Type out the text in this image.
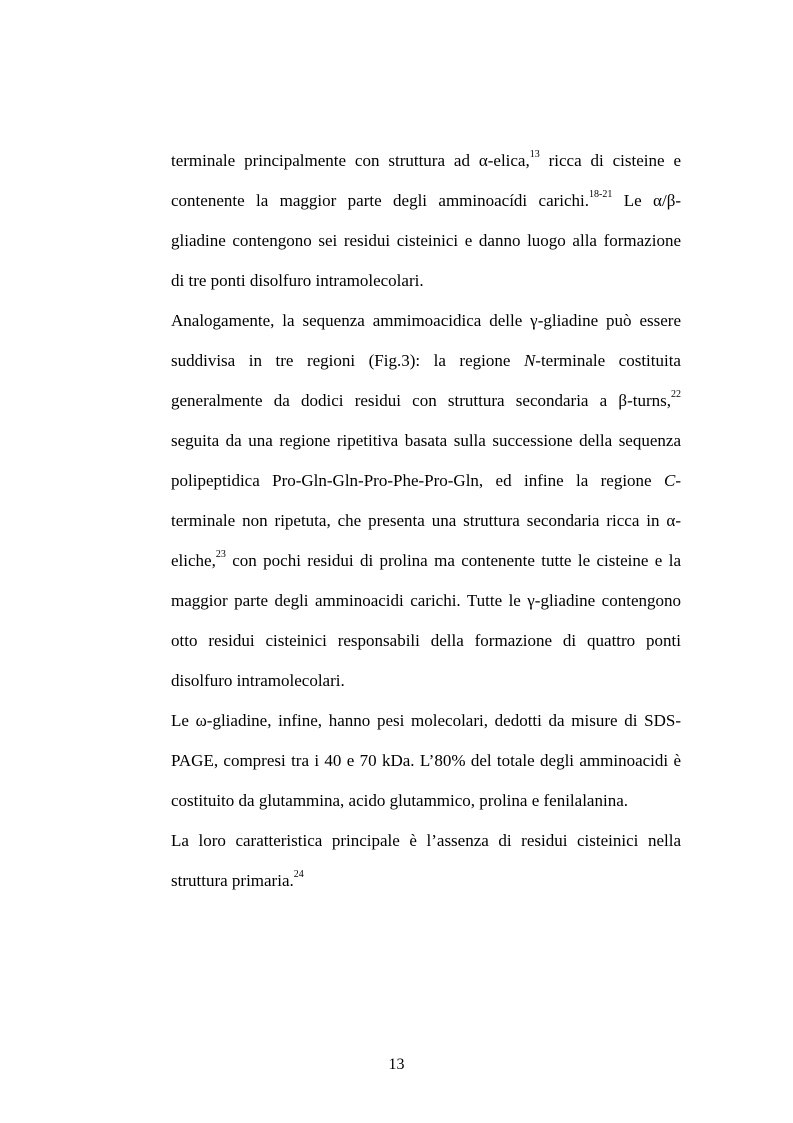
terminale principalmente con struttura ad α-elica,$^{13}$ ricca di cisteine e
contenente la maggior parte degli amminoacídi carichi.$^{18-21}$ Le α/β-
gliadine contengono sei residui cisteinici e danno luogo alla formazione
di tre ponti disolfuro intramolecolari.
Analogamente, la sequenza ammimoacidica delle γ-gliadine può essere
suddivisa in tre regioni (Fig.3): la regione N-terminale costituita
generalmente da dodici residui con struttura secondaria a β-turns,$^{22}$
seguita da una regione ripetitiva basata sulla successione della sequenza
polipeptidica Pro-Gln-Gln-Pro-Phe-Pro-Gln, ed infine la regione C-
terminale non ripetuta, che presenta una struttura secondaria ricca in α-
eliche,$^{23}$ con pochi residui di prolina ma contenente tutte le cisteine e la
maggior parte degli amminoacidi carichi. Tutte le γ-gliadine contengono
otto residui cisteinici responsabili della formazione di quattro ponti
disolfuro intramolecolari.
Le ω-gliadine, infine, hanno pesi molecolari, dedotti da misure di SDS-
PAGE, compresi tra i 40 e 70 kDa. L’80% del totale degli amminoacidi è
costituito da glutammina, acido glutammico, prolina e fenilalanina.
La loro caratteristica principale è l’assenza di residui cisteinici nella
struttura primaria.$^{24}$
13
